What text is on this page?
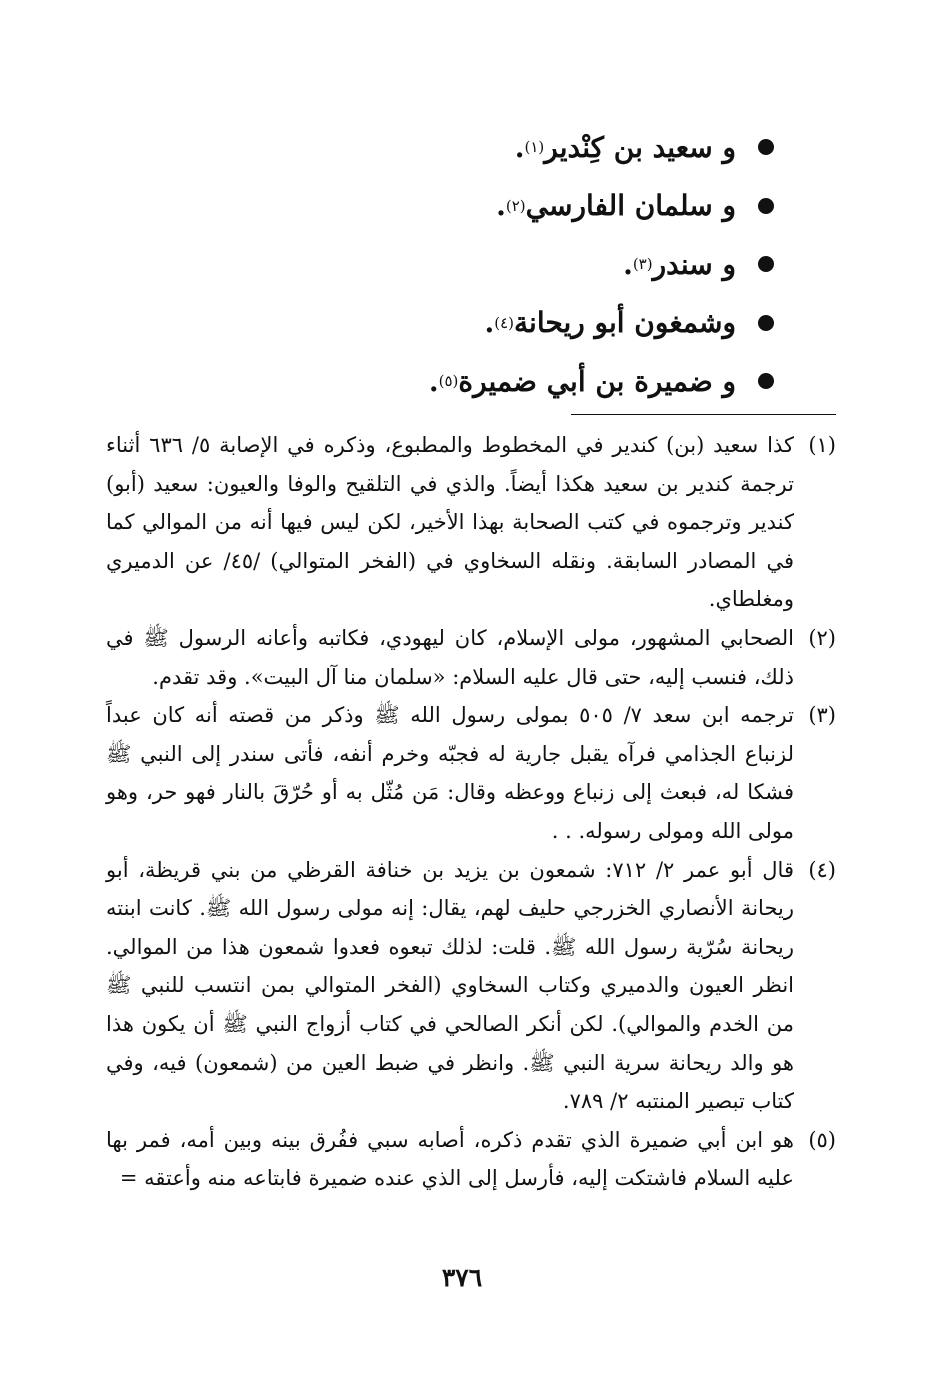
و سعيد بن كِنْدير
(١)
.
و سلمان الفارسي
(٢)
.
و سندر
(٣)
.
وشمغون أبو ريحانة
(٤)
.
و ضميرة بن أبي ضميرة
(٥)
.
(١)
كذا سعيد (بن) كندير في المخطوط والمطبوع، وذكره في الإصابة ٥/ ٦٣٦ أثناء ترجمة كندير بن سعيد هكذا أيضاً. والذي في التلقيح والوفا والعيون: سعيد (أبو) كندير وترجموه في كتب الصحابة بهذا الأخير، لكن ليس فيها أنه من الموالي كما في المصادر السابقة. ونقله السخاوي في (الفخر المتوالي) /٤٥/ عن الدميري ومغلطاي.
(٢)
الصحابي المشهور، مولى الإسلام، كان ليهودي، فكاتبه وأعانه الرسول ﷺ في ذلك، فنسب إليه، حتى قال عليه السلام: «سلمان منا آل البيت». وقد تقدم.
(٣)
ترجمه ابن سعد ٧/ ٥٠٥ بمولى رسول الله ﷺ وذكر من قصته أنه كان عبداً لزنباع الجذامي فرآه يقبل جارية له فجبّه وخرم أنفه، فأتى سندر إلى النبي ﷺ فشكا له، فبعث إلى زنباع ووعظه وقال: مَن مُثّل به أو حُرّقَ بالنار فهو حر، وهو مولى الله ومولى رسوله. . .
(٤)
قال أبو عمر ٢/ ٧١٢: شمعون بن يزيد بن خنافة القرظي من بني قريظة، أبو ريحانة الأنصاري الخزرجي حليف لهم، يقال: إنه مولى رسول الله ﷺ. كانت ابنته ريحانة سُرّية رسول الله ﷺ. قلت: لذلك تبعوه فعدوا شمعون هذا من الموالي. انظر العيون والدميري وكتاب السخاوي (الفخر المتوالي بمن انتسب للنبي ﷺ من الخدم والموالي). لكن أنكر الصالحي في كتاب أزواج النبي ﷺ أن يكون هذا هو والد ريحانة سرية النبي ﷺ. وانظر في ضبط العين من (شمعون) فيه، وفي كتاب تبصير المنتبه ٢/ ٧٨٩.
(٥)
هو ابن أبي ضميرة الذي تقدم ذكره، أصابه سبي ففُرق بينه وبين أمه، فمر بها عليه السلام فاشتكت إليه، فأرسل إلى الذي عنده ضميرة فابتاعه منه وأعتقه =
٣٧٦
